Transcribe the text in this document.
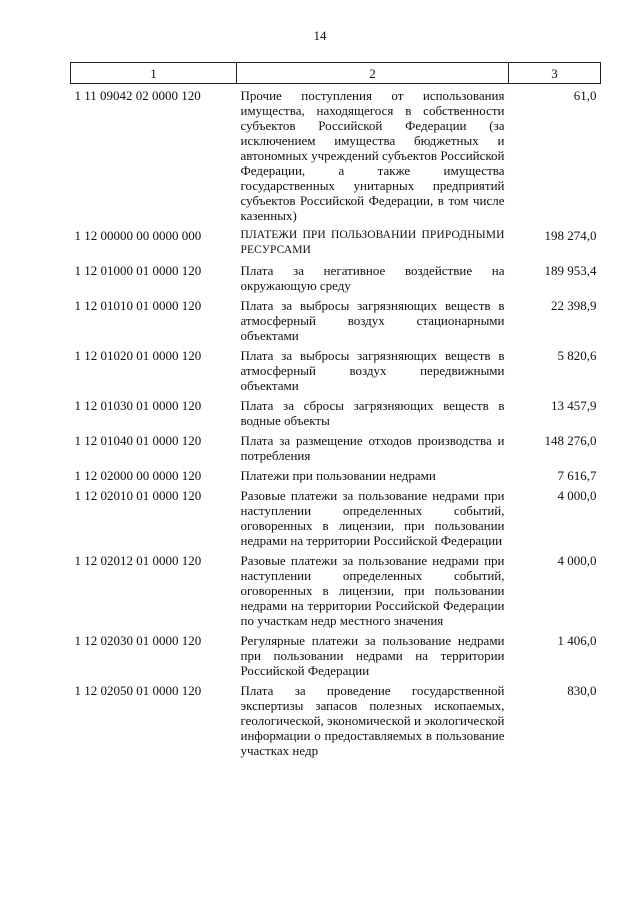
14
1	2	3
1 11 09042 02 0000 120	Прочие поступления от использования имущества, находящегося в собственности субъектов Российской Федерации (за исключением имущества бюджетных и автономных учреждений субъектов Российской Федерации, а также имущества государственных унитарных предприятий субъектов Российской Федерации, в том числе казенных)	61,0
1 12 00000 00 0000 000	ПЛАТЕЖИ ПРИ ПОЛЬЗОВАНИИ ПРИРОДНЫМИ РЕСУРСАМИ	198 274,0
1 12 01000 01 0000 120	Плата за негативное воздействие на окружающую среду	189 953,4
1 12 01010 01 0000 120	Плата за выбросы загрязняющих веществ в атмосферный воздух стационарными объектами	22 398,9
1 12 01020 01 0000 120	Плата за выбросы загрязняющих веществ в атмосферный воздух передвижными объектами	5 820,6
1 12 01030 01 0000 120	Плата за сбросы загрязняющих веществ в водные объекты	13 457,9
1 12 01040 01 0000 120	Плата за размещение отходов производства и потребления	148 276,0
1 12 02000 00 0000 120	Платежи при пользовании недрами	7 616,7
1 12 02010 01 0000 120	Разовые платежи за пользование недрами при наступлении определенных событий, оговоренных в лицензии, при пользовании недрами на территории Российской Федерации	4 000,0
1 12 02012 01 0000 120	Разовые платежи за пользование недрами при наступлении определенных событий, оговоренных в лицензии, при пользовании недрами на территории Российской Федерации по участкам недр местного значения	4 000,0
1 12 02030 01 0000 120	Регулярные платежи за пользование недрами при пользовании недрами на территории Российской Федерации	1 406,0
1 12 02050 01 0000 120	Плата за проведение государственной экспертизы запасов полезных ископаемых, геологической, экономической и экологической информации о предоставляемых в пользование участках недр	830,0
